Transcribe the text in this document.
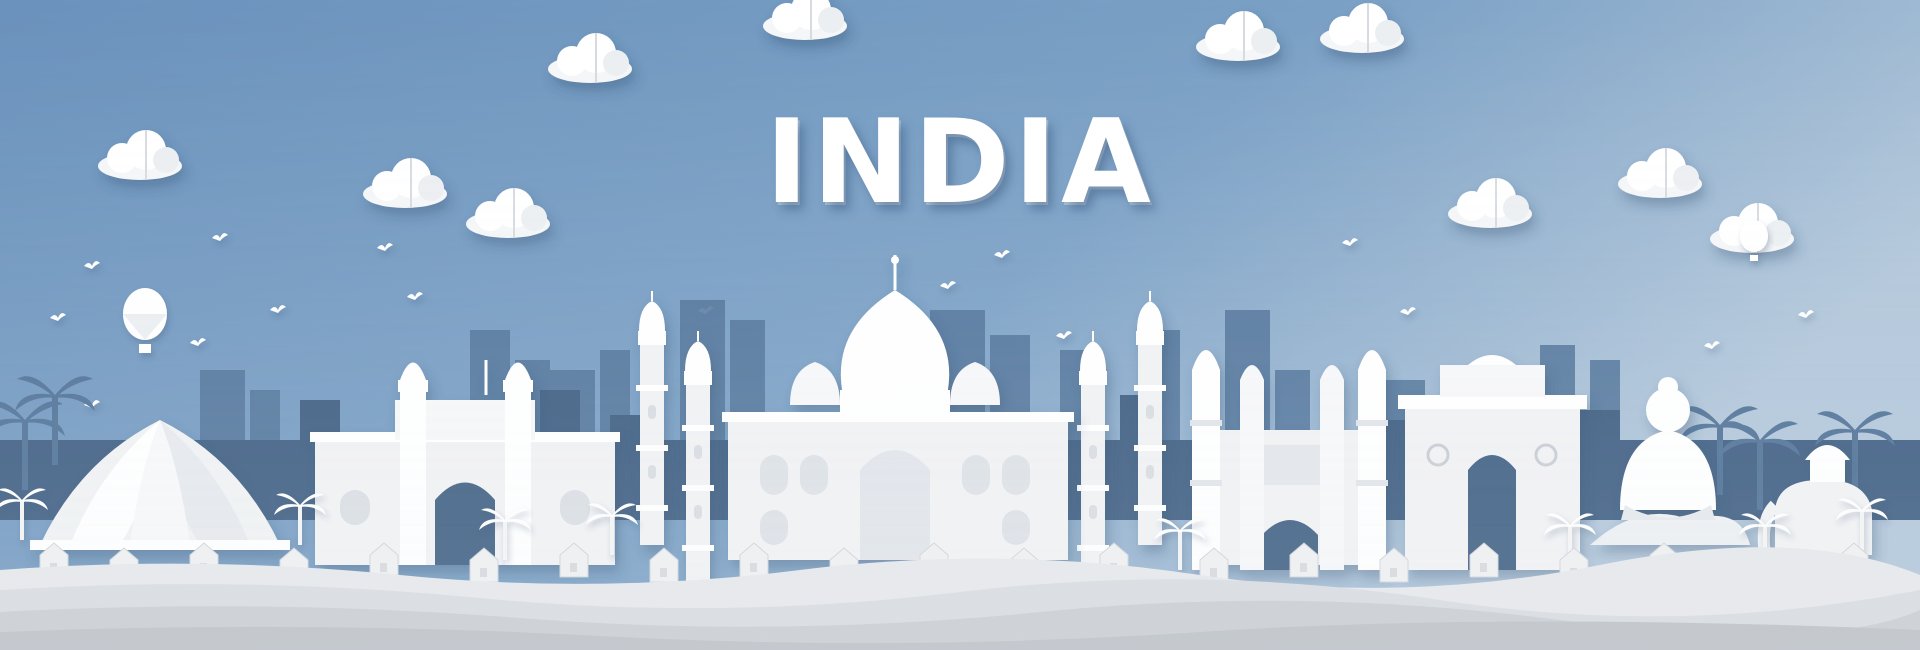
INDIA
